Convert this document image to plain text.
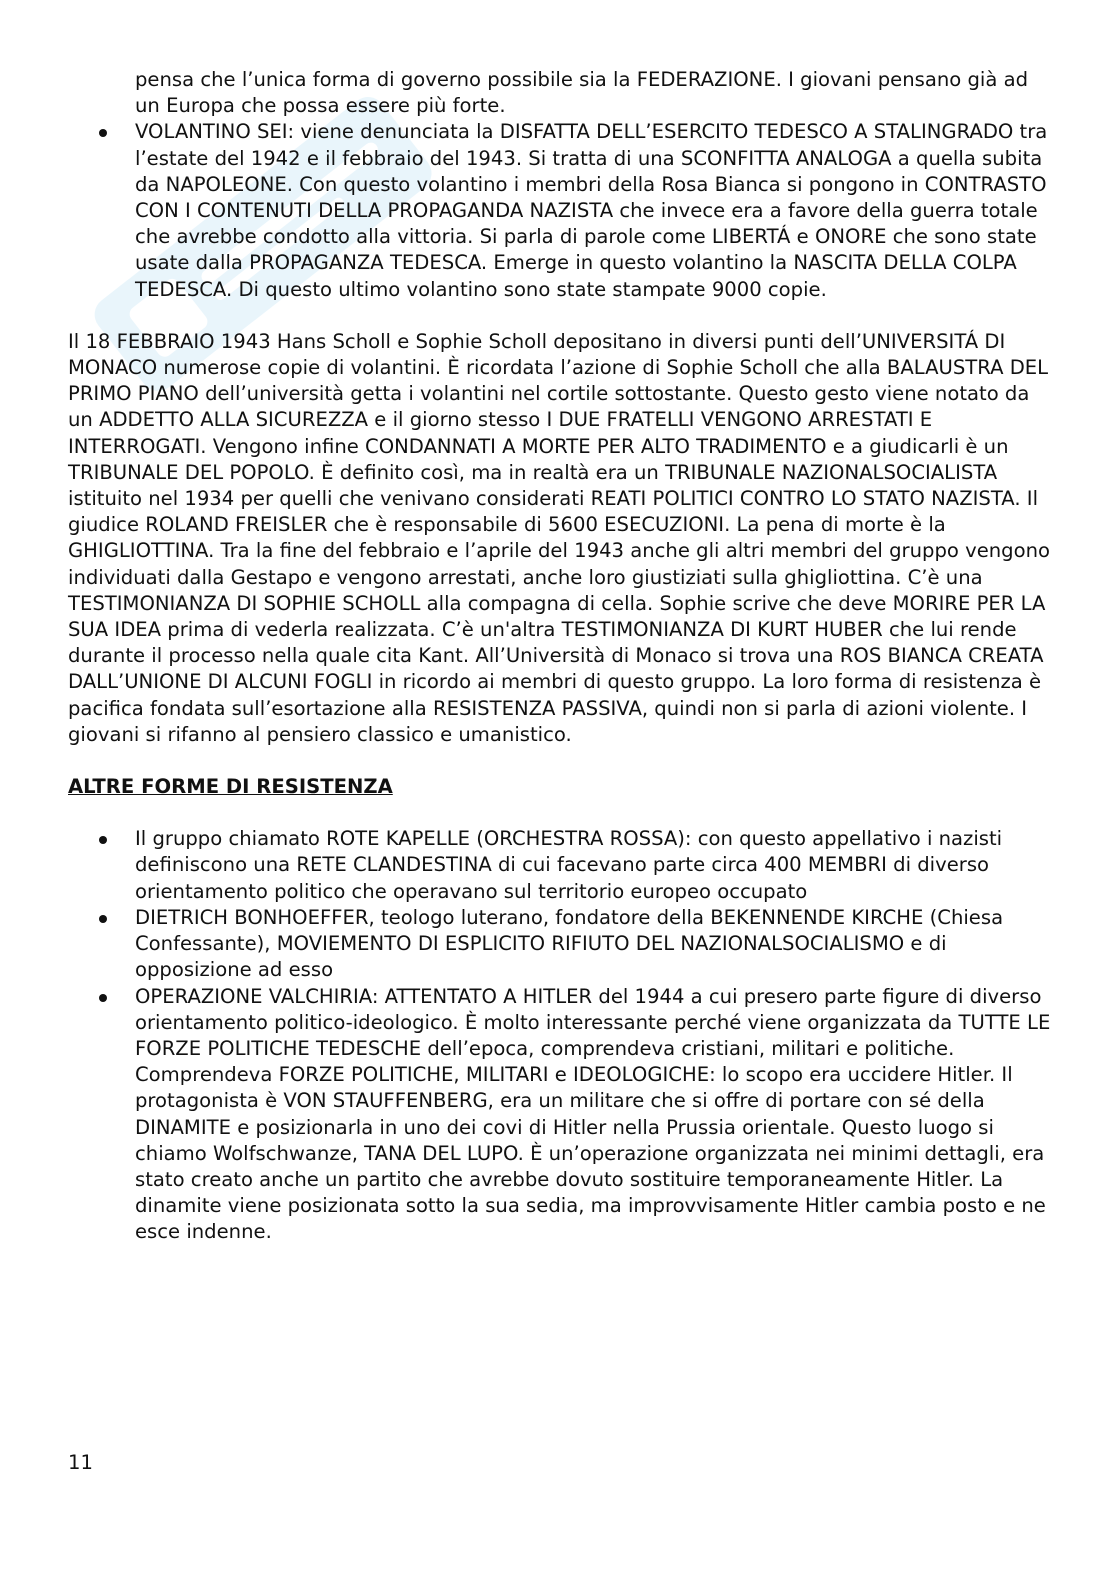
pensa che l’unica forma di governo possibile sia la FEDERAZIONE. I giovani pensano già ad un Europa che possa essere più forte.
VOLANTINO SEI: viene denunciata la DISFATTA DELL’ESERCITO TEDESCO A STALINGRADO tra l’estate del 1942 e il febbraio del 1943. Si tratta di una SCONFITTA ANALOGA a quella subita da NAPOLEONE. Con questo volantino i membri della Rosa Bianca si pongono in CONTRASTO CON I CONTENUTI DELLA PROPAGANDA NAZISTA che invece era a favore della guerra totale che avrebbe condotto alla vittoria. Si parla di parole come LIBERTÁ e ONORE che sono state usate dalla PROPAGANZA TEDESCA. Emerge in questo volantino la NASCITA DELLA COLPA TEDESCA. Di questo ultimo volantino sono state stampate 9000 copie.

Il 18 FEBBRAIO 1943 Hans Scholl e Sophie Scholl depositano in diversi punti dell’UNIVERSITÁ DI MONACO numerose copie di volantini. È ricordata l’azione di Sophie Scholl che alla BALAUSTRA DEL PRIMO PIANO dell’università getta i volantini nel cortile sottostante. Questo gesto viene notato da un ADDETTO ALLA SICUREZZA e il giorno stesso I DUE FRATELLI VENGONO ARRESTATI E INTERROGATI. Vengono infine CONDANNATI A MORTE PER ALTO TRADIMENTO e a giudicarli è un TRIBUNALE DEL POPOLO. È definito così, ma in realtà era un TRIBUNALE NAZIONALSOCIALISTA istituito nel 1934 per quelli che venivano considerati REATI POLITICI CONTRO LO STATO NAZISTA. Il giudice ROLAND FREISLER che è responsabile di 5600 ESECUZIONI. La pena di morte è la GHIGLIOTTINA. Tra la fine del febbraio e l’aprile del 1943 anche gli altri membri del gruppo vengono individuati dalla Gestapo e vengono arrestati, anche loro giustiziati sulla ghigliottina. C’è una TESTIMONIANZA DI SOPHIE SCHOLL alla compagna di cella. Sophie scrive che deve MORIRE PER LA SUA IDEA prima di vederla realizzata. C’è un'altra TESTIMONIANZA DI KURT HUBER che lui rende durante il processo nella quale cita Kant. All’Università di Monaco si trova una ROS BIANCA CREATA DALL’UNIONE DI ALCUNI FOGLI in ricordo ai membri di questo gruppo. La loro forma di resistenza è pacifica fondata sull’esortazione alla RESISTENZA PASSIVA, quindi non si parla di azioni violente. I giovani si rifanno al pensiero classico e umanistico.

ALTRE FORME DI RESISTENZA
Il gruppo chiamato ROTE KAPELLE (ORCHESTRA ROSSA): con questo appellativo i nazisti definiscono una RETE CLANDESTINA di cui facevano parte circa 400 MEMBRI di diverso orientamento politico che operavano sul territorio europeo occupato
DIETRICH BONHOEFFER, teologo luterano, fondatore della BEKENNENDE KIRCHE (Chiesa Confessante), MOVIEMENTO DI ESPLICITO RIFIUTO DEL NAZIONALSOCIALISMO e di opposizione ad esso
OPERAZIONE VALCHIRIA: ATTENTATO A HITLER del 1944 a cui presero parte figure di diverso orientamento politico-ideologico. È molto interessante perché viene organizzata da TUTTE LE FORZE POLITICHE TEDESCHE dell’epoca, comprendeva cristiani, militari e politiche. Comprendeva FORZE POLITICHE, MILITARI e IDEOLOGICHE: lo scopo era uccidere Hitler. Il protagonista è VON STAUFFENBERG, era un militare che si offre di portare con sé della DINAMITE e posizionarla in uno dei covi di Hitler nella Prussia orientale. Questo luogo si chiamo Wolfschwanze, TANA DEL LUPO. È un’operazione organizzata nei minimi dettagli, era stato creato anche un partito che avrebbe dovuto sostituire temporaneamente Hitler. La dinamite viene posizionata sotto la sua sedia, ma improvvisamente Hitler cambia posto e ne esce indenne.
11
